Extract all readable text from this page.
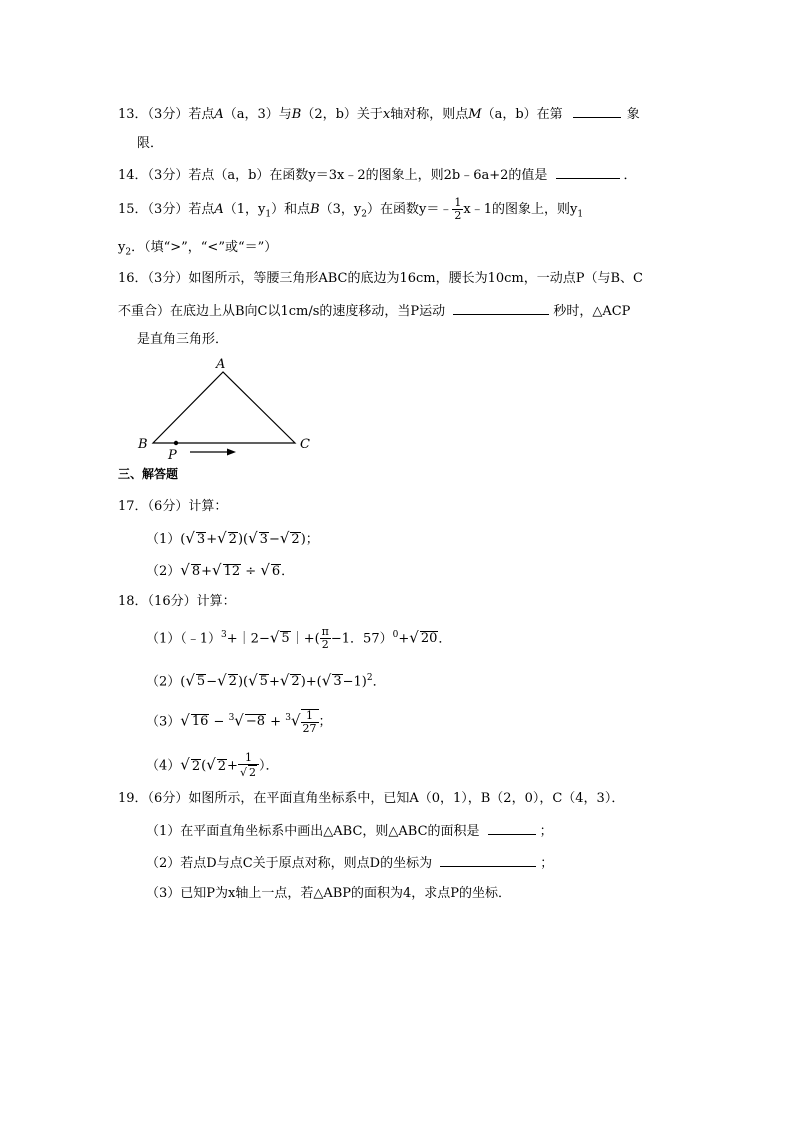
13．（3分）若点A（a，3）与B（2，b）关于x轴对称，则点M（a，b）在第	象
限．
14．（3分）若点（a，b）在函数y＝3x﹣2的图象上，则2b﹣6a+2的值是	．
15．（3分）若点A（1，$y_1$）和点B（3，$y_2$）在函数y＝﹣ $\frac{1}{2}$ x﹣1的图象上，则$y_1$
$y_2$．（填“>”，“<”或“＝”）
16．（3分）如图所示，等腰三角形ABC的底边为16cm，腰长为10cm，一动点P（与B、C
不重合）在底边上从B向C以1cm/s的速度移动，当P运动	秒时，△ACP
是直角三角形．
A
B	C
P
三、解答题
17．（6分）计算：
（1）(√ 3+√ 2)(√ 3−√ 2)；
（2）√ 8+√ 12 ÷ √ 6．
18．（16分）计算：
（1）（﹣1）$^3$+｜2−√ 5｜+( $\frac{\pi}{2} -1$．57）$^0$+√ 20．
（2）(√ 5−√ 2)(√ 5+√ 2)+(√ 3−1)$^2$．
（3）√ $16 - ^3√ -8 + ^3√ \frac{1}{27}$ ；
（4）√ 2(√ $2+ \frac{1}{√ 2}$ ）．
19．（6分）如图所示，在平面直角坐标系中，已知A（0，1），B（2，0），C（4，3）．
（1）在平面直角坐标系中画出△ABC，则△ABC的面积是	；
（2）若点D与点C关于原点对称，则点D的坐标为	；
（3）已知P为x轴上一点，若△ABP的面积为4，求点P的坐标．
